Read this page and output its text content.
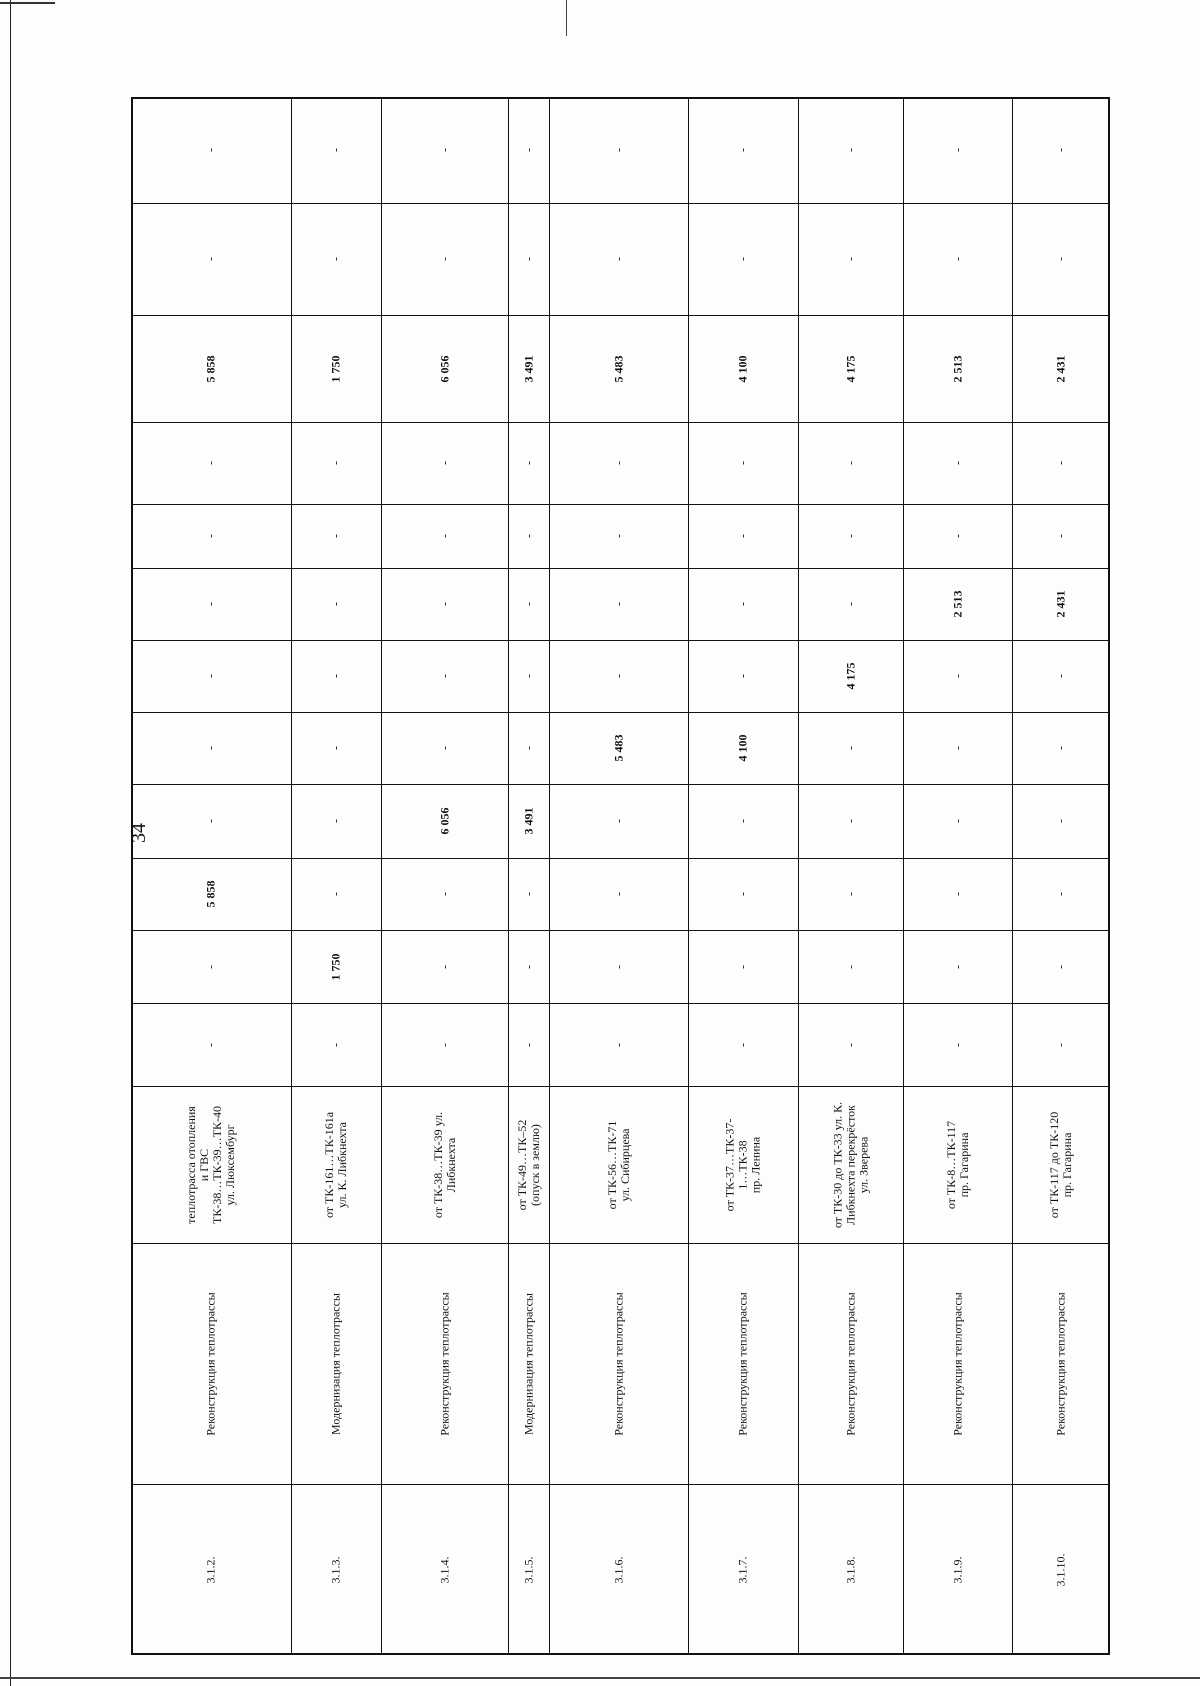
34
3.1.2.
Реконструкция теплотрассы
теплотрасса отопления
и ГВС
ТК-38…ТК-39…ТК-40
ул. Люксембург
-
-
5 858
-
-
-
-
-
-
5 858
-
-
3.1.3.
Модернизация теплотрассы
от ТК-161…ТК-161а
ул. К. Либкнехта
-
1 750
-
-
-
-
-
-
-
1 750
-
-
3.1.4.
Реконструкция теплотрассы
от ТК-38…ТК-39 ул.
Либкнехта
-
-
-
6 056
-
-
-
-
-
6 056
-
-
3.1.5.
Модернизация теплотрассы
от ТК-49…ТК–52
(опуск в землю)
-
-
-
3 491
-
-
-
-
-
3 491
-
-
3.1.6.
Реконструкция теплотрассы
от ТК-56…ТК-71
ул. Сибирцева
-
-
-
-
5 483
-
-
-
-
5 483
-
-
3.1.7.
Реконструкция теплотрассы
от ТК-37…ТК-37-
1…ТК-38
пр. Ленина
-
-
-
-
4 100
-
-
-
-
4 100
-
-
3.1.8.
Реконструкция теплотрассы
от ТК-30 до ТК-33 ул. К.
Либкнехта перекрёсток
ул. Зверева
-
-
-
-
-
4 175
-
-
-
4 175
-
-
3.1.9.
Реконструкция теплотрассы
от ТК-8…ТК-117
пр. Гагарина
-
-
-
-
-
-
2 513
-
-
2 513
-
-
3.1.10.
Реконструкция теплотрассы
от ТК-117 до ТК-120
пр. Гагарина
-
-
-
-
-
-
2 431
-
-
2 431
-
-
